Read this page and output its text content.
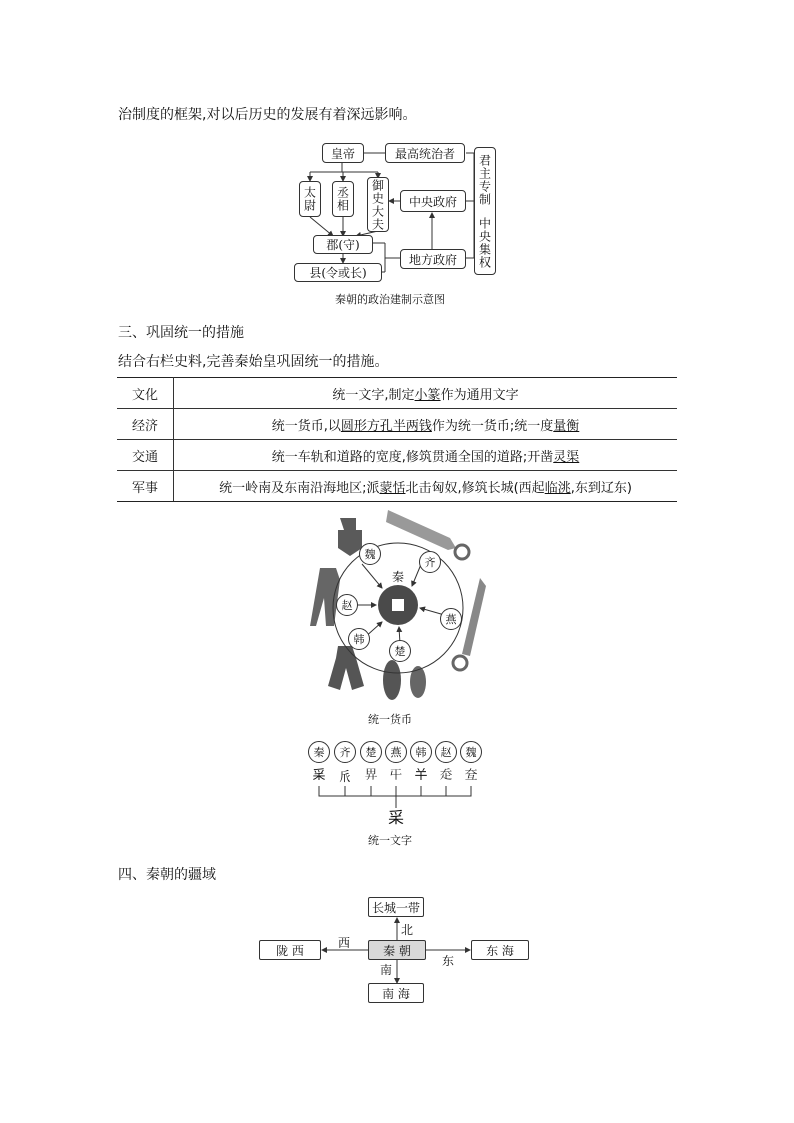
治制度的框架,对以后历史的发展有着深远影响。
皇帝	最高统治者
太尉 丞相 御史大夫 中央政府
郡(守)
县(令或长)
地方政府
君主专制
中央集权
秦朝的政治建制示意图
三、巩固统一的措施
结合右栏史料,完善秦始皇巩固统一的措施。
文化	统一文字,制定小篆作为通用文字
经济	统一货币,以圆形方孔半两钱作为统一货币;统一度量衡
交通	统一车轨和道路的宽度,修筑贯通全国的道路;开凿灵渠
军事	统一岭南及东南沿海地区;派蒙恬北击匈奴,修筑长城(西起临洮,东到辽东)
秦
魏
齐
赵
燕
韩
楚
统一货币
秦	齐	楚	燕	韩	赵	魏
𥝩 𠂢 𢌿 𡕒 𢆉 𧺆 𡗨
𥝩
统一文字
四、秦朝的疆域
长城一带
北
秦 朝
陇 西
西
东 海
东
南
南 海
